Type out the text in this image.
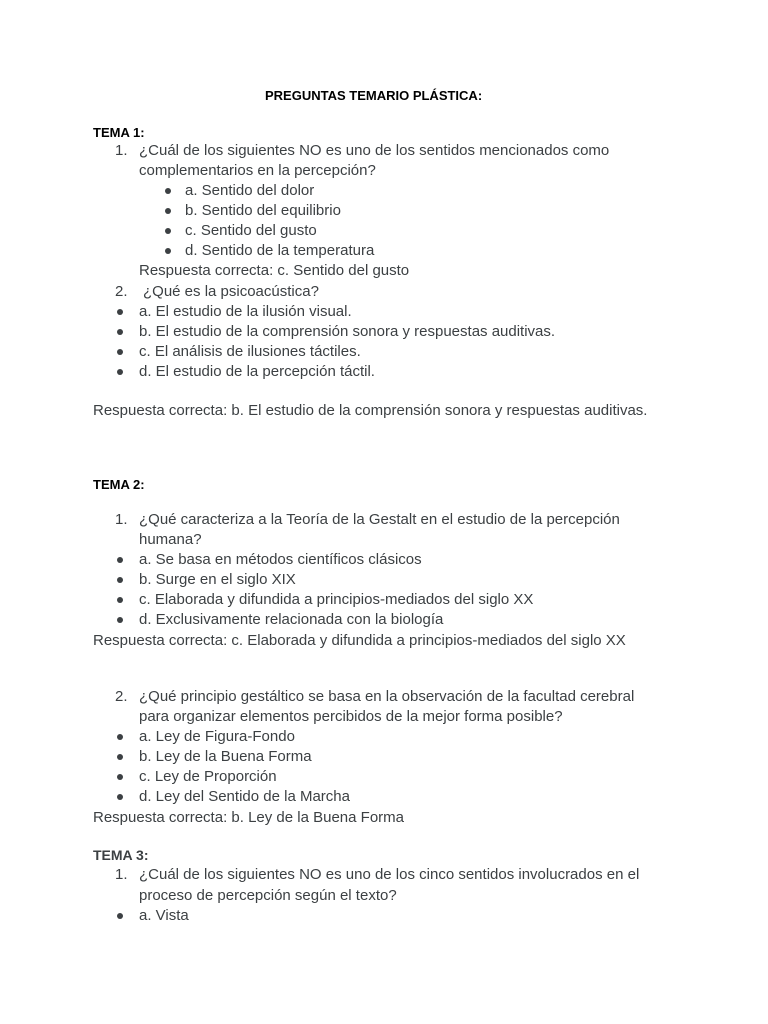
PREGUNTAS TEMARIO PLÁSTICA:
TEMA 1:
1. ¿Cuál de los siguientes NO es uno de los sentidos mencionados como
complementarios en la percepción?
a. Sentido del dolor
b. Sentido del equilibrio
c. Sentido del gusto
d. Sentido de la temperatura
Respuesta correcta: c. Sentido del gusto
2. ¿Qué es la psicoacústica?
a. El estudio de la ilusión visual.
b. El estudio de la comprensión sonora y respuestas auditivas.
c. El análisis de ilusiones táctiles.
d. El estudio de la percepción táctil.
Respuesta correcta: b. El estudio de la comprensión sonora y respuestas auditivas.
TEMA 2:
1. ¿Qué caracteriza a la Teoría de la Gestalt en el estudio de la percepción
humana?
a. Se basa en métodos científicos clásicos
b. Surge en el siglo XIX
c. Elaborada y difundida a principios-mediados del siglo XX
d. Exclusivamente relacionada con la biología
Respuesta correcta: c. Elaborada y difundida a principios-mediados del siglo XX
2. ¿Qué principio gestáltico se basa en la observación de la facultad cerebral
para organizar elementos percibidos de la mejor forma posible?
a. Ley de Figura-Fondo
b. Ley de la Buena Forma
c. Ley de Proporción
d. Ley del Sentido de la Marcha
Respuesta correcta: b. Ley de la Buena Forma
TEMA 3:
1. ¿Cuál de los siguientes NO es uno de los cinco sentidos involucrados en el
proceso de percepción según el texto?
a. Vista
